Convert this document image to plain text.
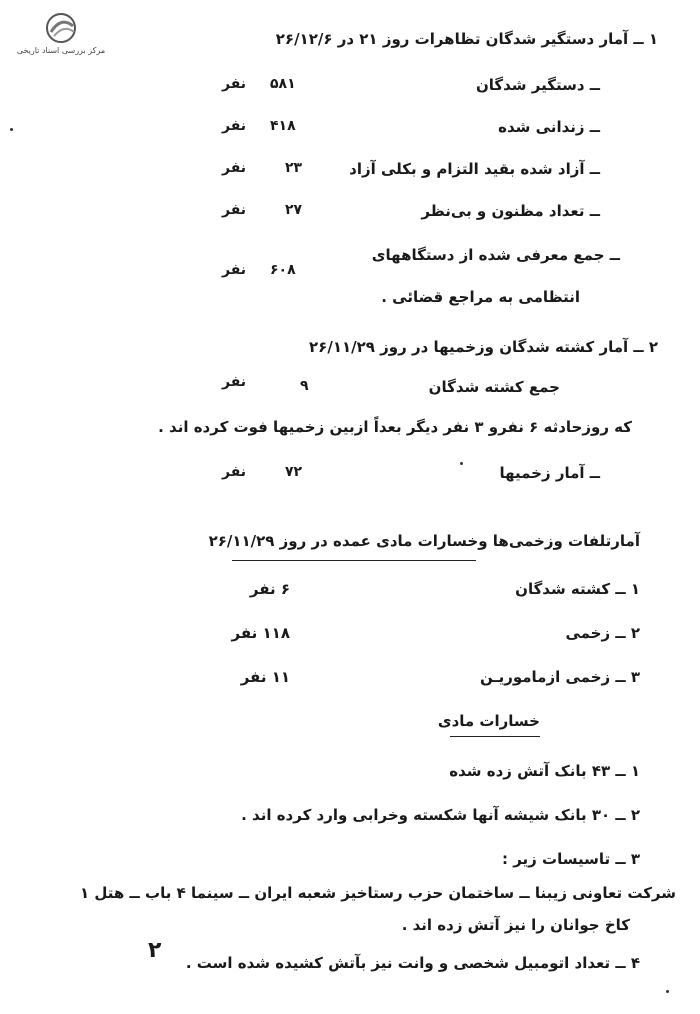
مرکز بررسی اسناد تاریخی
۱ ــ آمار دستگیر شدگان تظاهرات روز ۲۱ در ۲۶/۱۲/۶
ــ دستگیر شدگان
۵۸۱
نفر
ــ زندانی شده
۴۱۸
نفر
ــ آزاد شده بقید التزام و بکلی آزاد
۲۳
نفر
ــ تعداد مظنون و بی‌نظر
۲۷
نفر
ــ جمع معرفی شده از دستگاههای
انتظامی به مراجع قضائی .
۶۰۸
نفر
۲ ــ آمار کشته شدگان وزخمیها در روز ۲۶/۱۱/۲۹
جمع کشته شدگان
۹
نفر
که روزحادثه ۶ نفرو ۳ نفر دیگر بعداً ازبین زخمیها فوت کرده اند .
ــ آمار زخمیها
۷۲
نفر
آمارتلفات وزخمی‌ها وخسارات مادی عمده در روز ۲۶/۱۱/۲۹
۱ ــ کشته شدگان
۶ نفر
۲ ــ زخمی
۱۱۸ نفر
۳ ــ زخمی ازماموریـن
۱۱ نفر
خسارات مادی
۱ ــ ۴۳ بانک آتش زده شده
۲ ــ ۳۰ بانک شیشه آنها شکسته وخرابی وارد کرده اند .
۳ ــ تاسیسات زیر :
شرکت تعاونی زیبنا ــ ساختمان حزب رستاخیز شعبه ایران ــ سینما ۴ باب ــ هتل ۱
کاخ جوانان را نیز آتش زده اند .
۴ ــ تعداد اتومبیل شخصی و وانت نیز بآتش کشیده شده است .
۲
